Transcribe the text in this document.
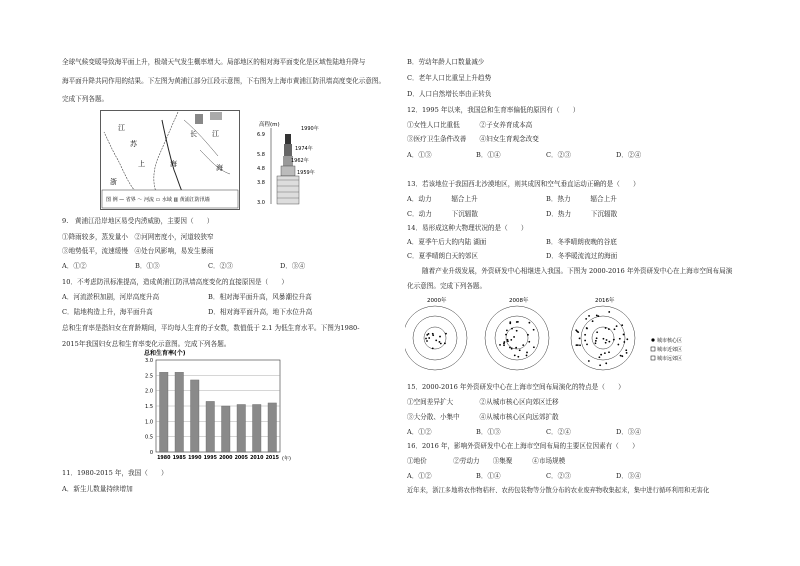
全球气候变暖导致海平面上升，极端天气发生概率增大。局部地区的相对海平面变化是区域性陆地升降与
海平面升降共同作用的结果。下左图为黄浦江部分江段示意图，下右图为上海市黄浦江防汛墙高度变化示意图。
完成下列各题。
江
苏
上	海
浙
江
海
长
图 例 — 省界 ～ 河流 ▭ 水域 ▥ 黄浦江防汛墙
高程(m)
6.9
5.8
4.8
3.8
3.0
1990年
1974年
1962年
1959年
9.　黄浦江沿岸地区易受内涝威胁，主要因（　　）
①降雨较多，蒸发量小　②河网密度小，河道较狭窄
③地势低平，流速缓慢　④处台风影响，易发生暴雨
A．①②	B．①③	C．②③	D．③④
10．不考虑防汛标准提高，造成黄浦江防汛墙高度变化的直接原因是（　　）
A．河流淤积加剧，河岸高度升高	B．相对海平面升高，风暴潮位升高
C．陆地构造上升，海平面升高	D．相对海平面升高，地下水位升高
总和生育率是指妇女在育龄期间，平均每人生育的子女数，数值低于 2.1 为低生育水平。下图为1980-
2015年我国妇女总和生育率变化示意图。完成下列各题。
总和生育率(个)
1980 1985 1990 1995 2000 2005 2010 2015
0
0.5
1.0
1.5
2.0
2.5
3.0
(年)
11．1980-2015 年，我国（　　）
A．新生儿数量持续增加
B．劳动年龄人口数量减少
C．老年人口比重呈上升趋势
D．人口自然增长率由正转负
12．1995 年以来，我国总和生育率偏低的原因有（　　）
①女性人口比重低　　　②子女养育成本高
③医疗卫生条件改善　　④妇女生育观念改变
A．①③	B．①④	C．②③	D．②④
13．若该地位于我国西北沙漠地区，则其成因和空气垂直运动正确的是（　　）
A．动力　　　辐合上升	B．热力　　　辐合上升
C．动力　　　下沉辐散	D．热力　　　下沉辐散
14．易形成这种大物理状况的是（　　）
A．夏季午后大的内陆 湖面	B．冬季晴朗夜晚的谷底
C．夏季晴朗白天的郊区	D．冬季暖流流过的海面
随着产业升级发展，外资研发中心相继进入我国。下图为 2000-2016 年外资研发中心在上海市空间布局演
化示意图。完成下列各题。
2000年	2008年	2016年
城市核心区
城市近郊区
城市远郊区
15．2000-2016 年外资研发中心在上海市空间布局演化的特点是（　　）
①空间差异扩大　　　　②从城市核心区向郊区迁移
③大分散、小集中　　　④从城市核心区向远郊扩散
A．①②	B．①③	C．②④	D．③④
16．2016 年，影响外资研发中心在上海市空间布局的主要区位因素有（　　）
①地价　　　　②劳动力　　③集聚　　　④市场规模
A．①②	B．①④	C．②③	D．③④
近年来，浙江多地将农作物秸秆、农药包装物等分散分布的农业废弃物收集起来，集中进行循环利用和无害化
